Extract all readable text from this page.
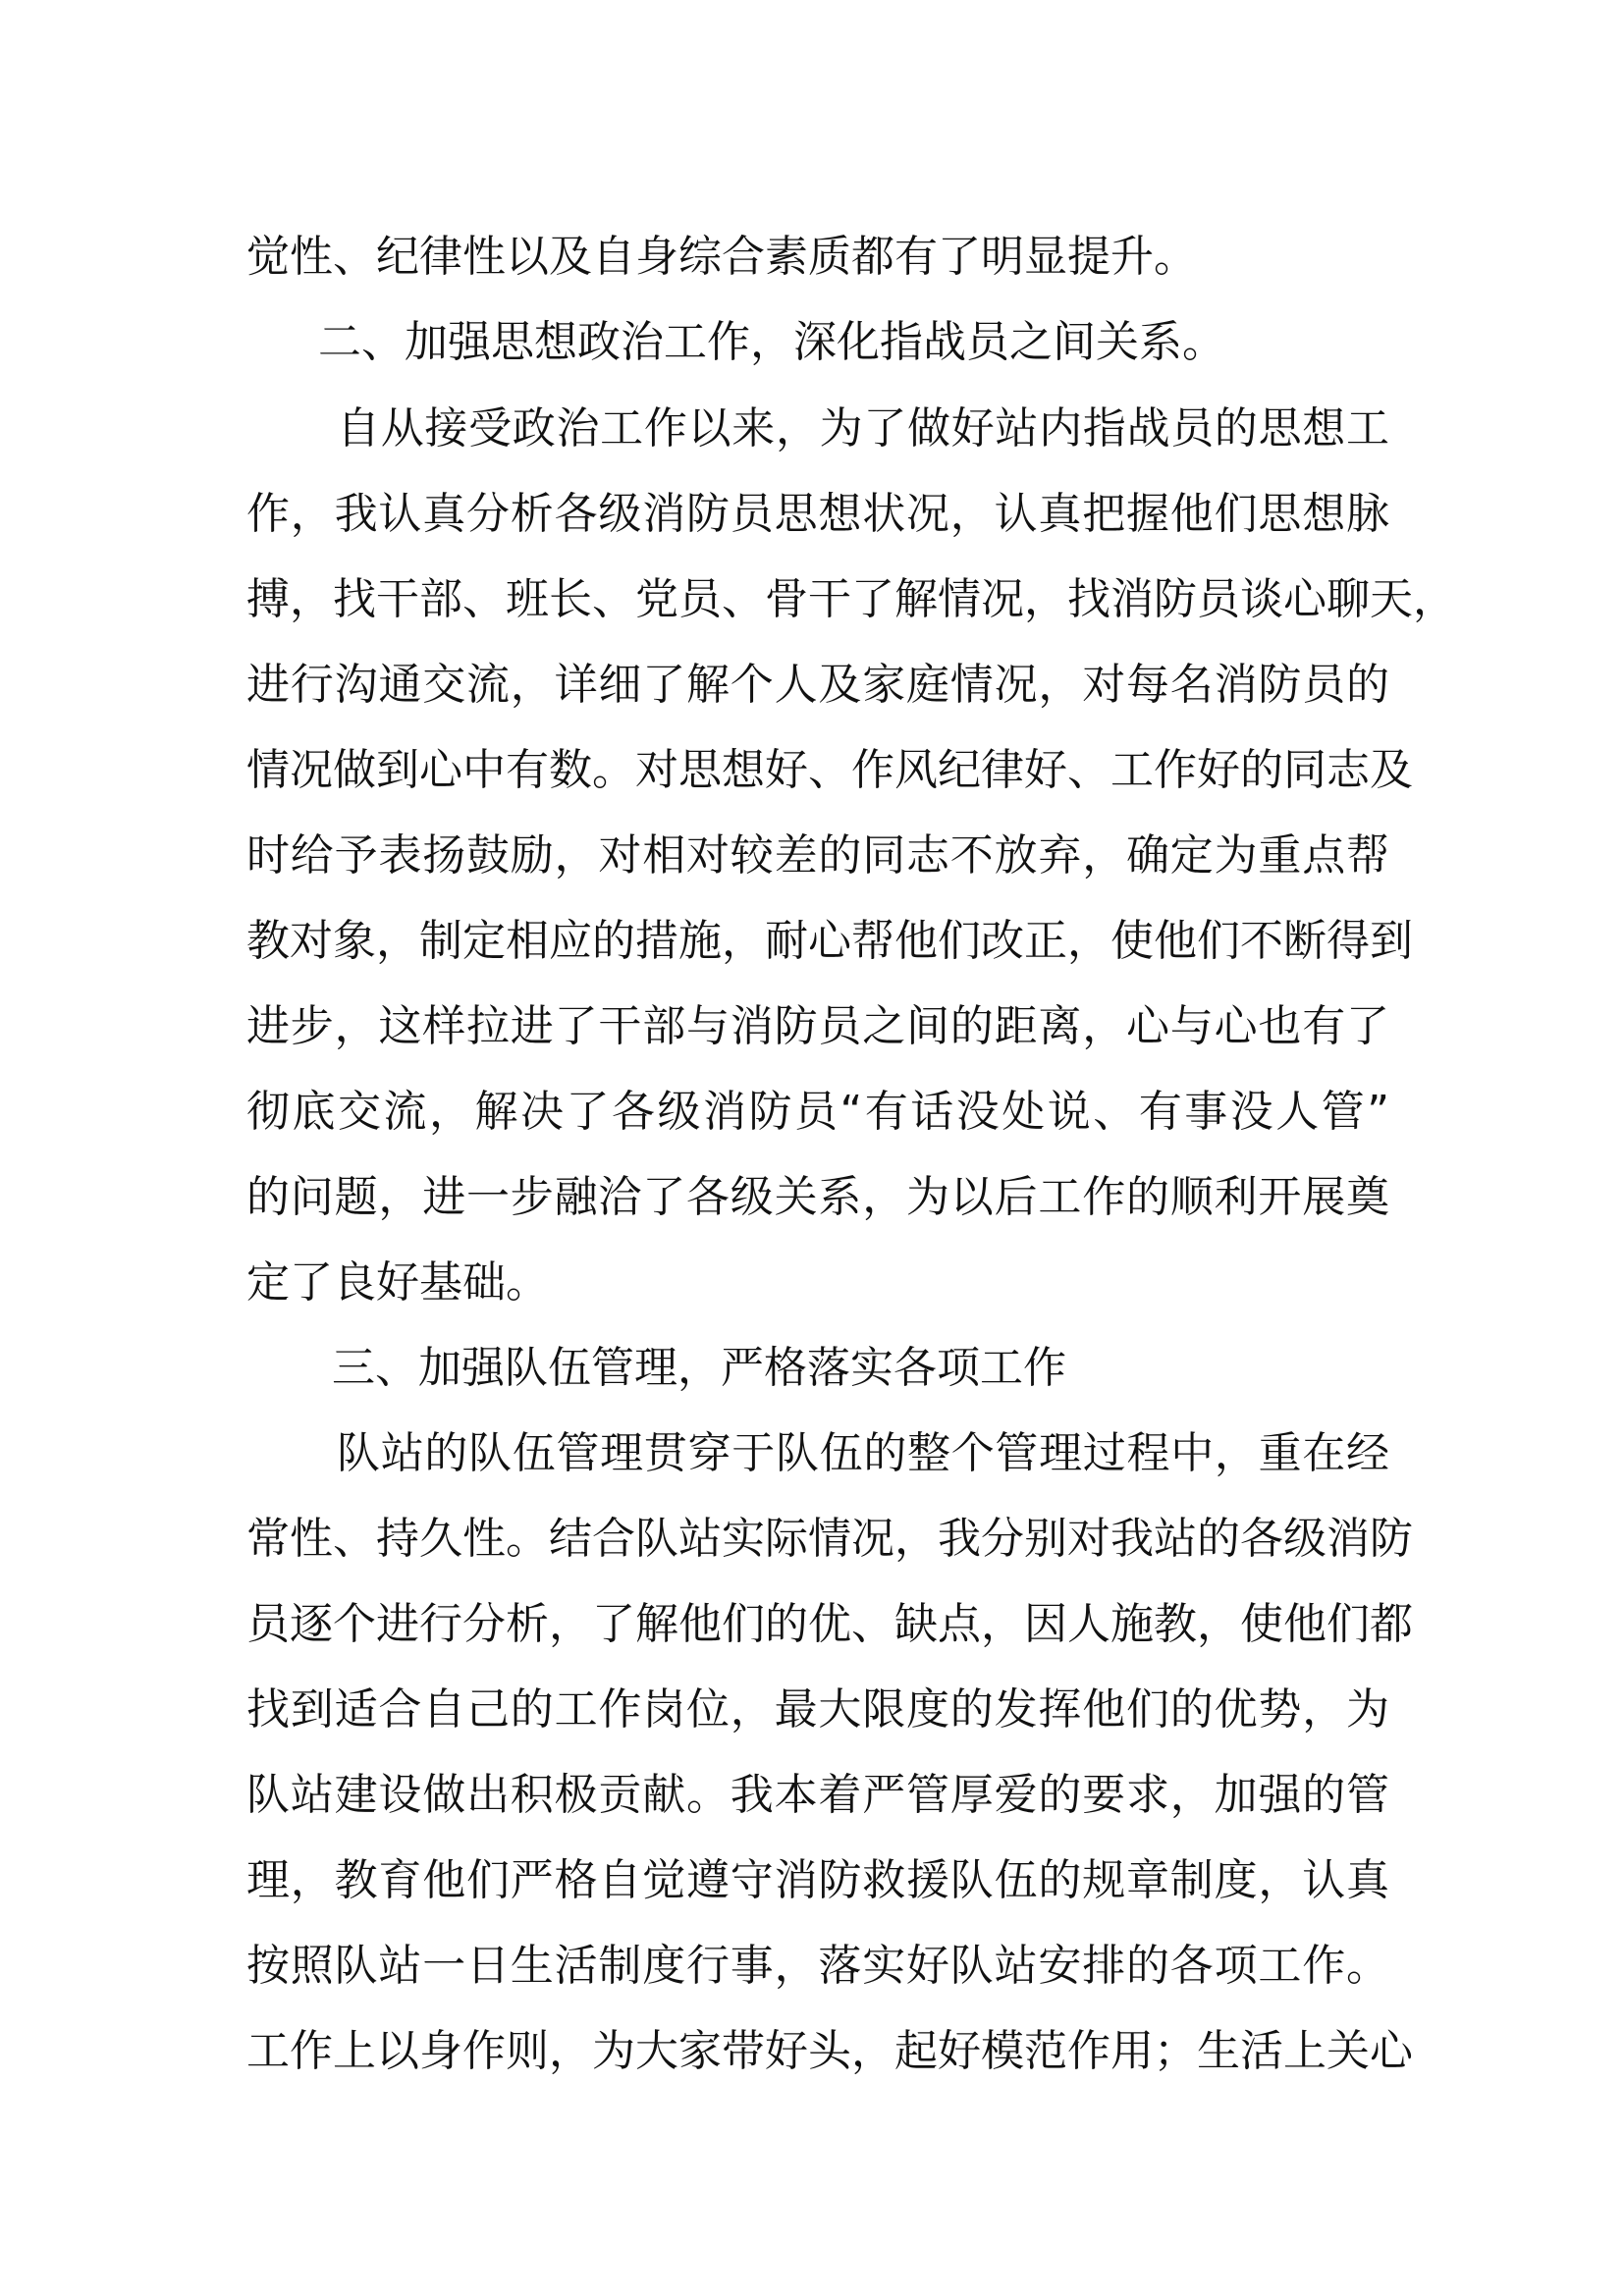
觉性、纪律性以及自身综合素质都有了明显提升。

二、加强思想政治工作，深化指战员之间关系。

自从接受政治工作以来，为了做好站内指战员的思想工

作，我认真分析各级消防员思想状况，认真把握他们思想脉

搏，找干部、班长、党员、骨干了解情况，找消防员谈心聊天，

进行沟通交流，详细了解个人及家庭情况，对每名消防员的

情况做到心中有数。对思想好、作风纪律好、工作好的同志及

时给予表扬鼓励，对相对较差的同志不放弃，确定为重点帮

教对象，制定相应的措施，耐心帮他们改正，使他们不断得到

进步，这样拉进了干部与消防员之间的距离，心与心也有了

彻底交流，解决了各级消防员“有话没处说、有事没人管”

的问题，进一步融洽了各级关系，为以后工作的顺利开展奠

定了良好基础。

三、加强队伍管理，严格落实各项工作

队站的队伍管理贯穿于队伍的整个管理过程中，重在经

常性、持久性。结合队站实际情况，我分别对我站的各级消防

员逐个进行分析，了解他们的优、缺点，因人施教，使他们都

找到适合自己的工作岗位，最大限度的发挥他们的优势，为

队站建设做出积极贡献。我本着严管厚爱的要求，加强的管

理，教育他们严格自觉遵守消防救援队伍的规章制度，认真

按照队站一日生活制度行事，落实好队站安排的各项工作。

工作上以身作则，为大家带好头，起好模范作用；生活上关心
